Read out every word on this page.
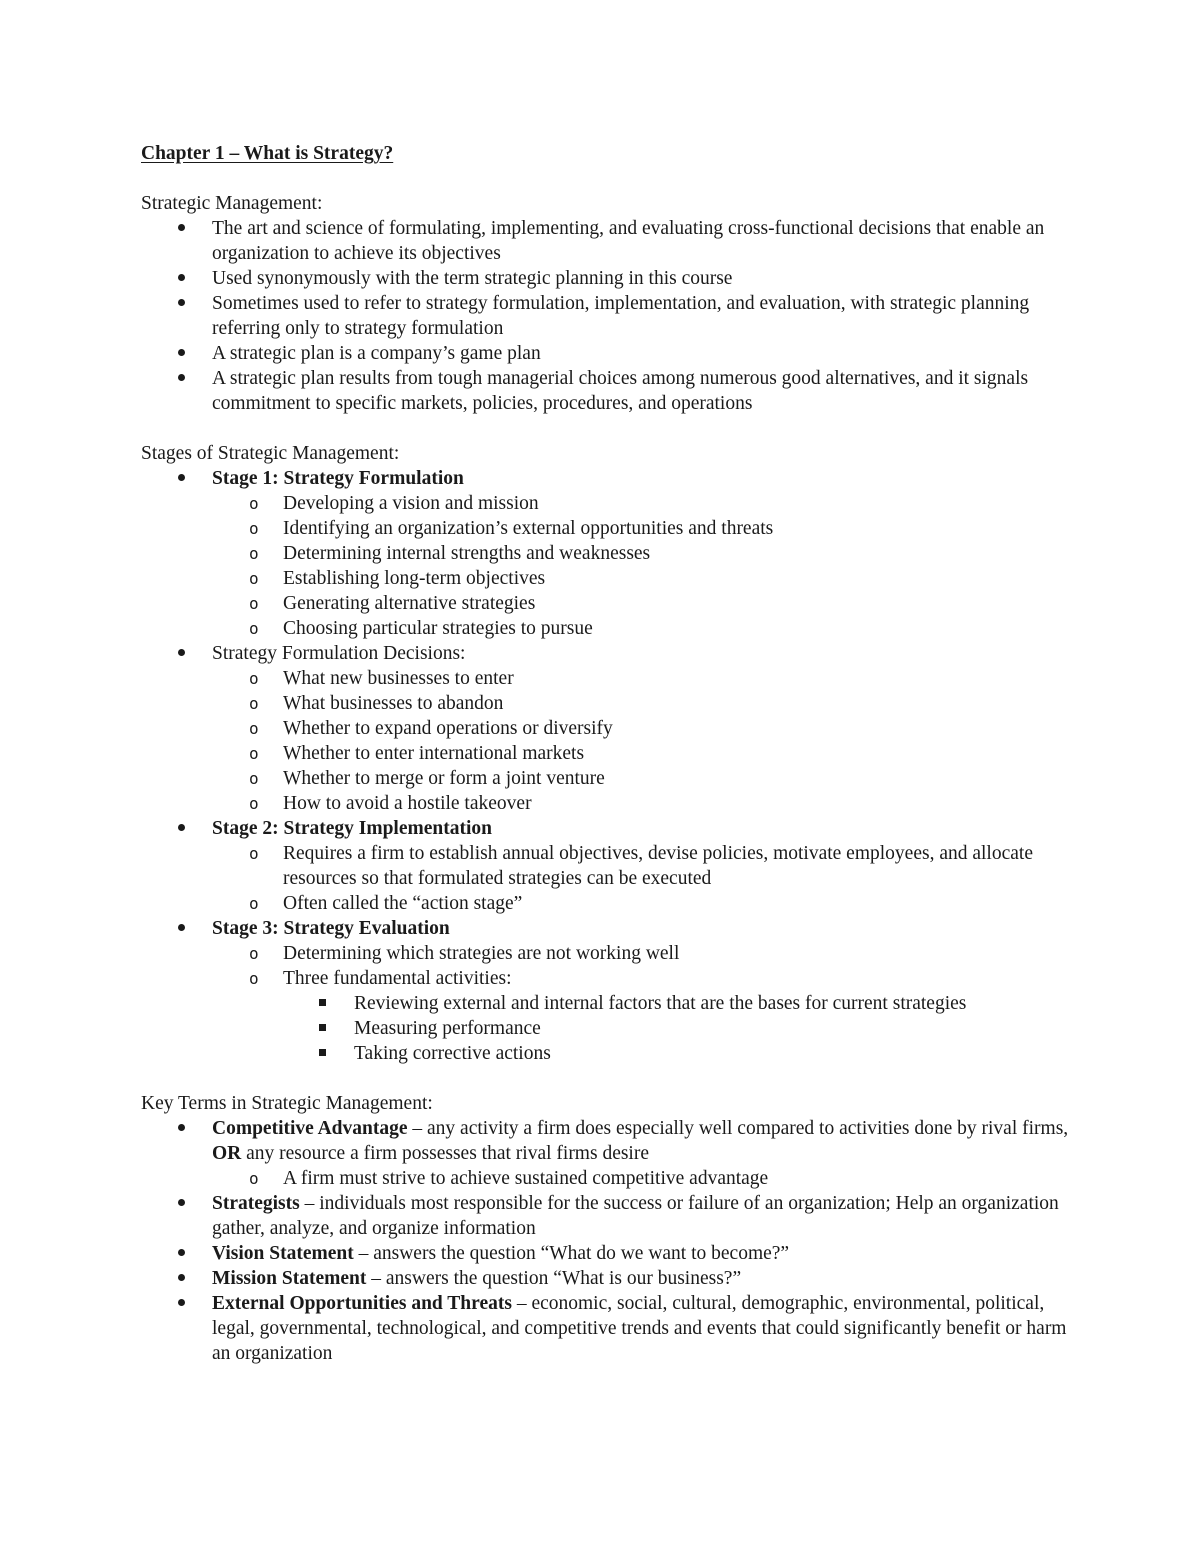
Chapter 1 – What is Strategy?
Strategic Management:
The art and science of formulating, implementing, and evaluating cross-functional decisions that enable an organization to achieve its objectives
Used synonymously with the term strategic planning in this course
Sometimes used to refer to strategy formulation, implementation, and evaluation, with strategic planning referring only to strategy formulation
A strategic plan is a company’s game plan
A strategic plan results from tough managerial choices among numerous good alternatives, and it signals commitment to specific markets, policies, procedures, and operations
Stages of Strategic Management:
Stage 1: Strategy Formulation
o Developing a vision and mission
o Identifying an organization’s external opportunities and threats
o Determining internal strengths and weaknesses
o Establishing long-term objectives
o Generating alternative strategies
o Choosing particular strategies to pursue
Strategy Formulation Decisions:
o What new businesses to enter
o What businesses to abandon
o Whether to expand operations or diversify
o Whether to enter international markets
o Whether to merge or form a joint venture
o How to avoid a hostile takeover
Stage 2: Strategy Implementation
o Requires a firm to establish annual objectives, devise policies, motivate employees, and allocate resources so that formulated strategies can be executed
o Often called the “action stage”
Stage 3: Strategy Evaluation
o Determining which strategies are not working well
o Three fundamental activities:
Reviewing external and internal factors that are the bases for current strategies
Measuring performance
Taking corrective actions
Key Terms in Strategic Management:
Competitive Advantage – any activity a firm does especially well compared to activities done by rival firms, OR any resource a firm possesses that rival firms desire
o A firm must strive to achieve sustained competitive advantage
Strategists – individuals most responsible for the success or failure of an organization; Help an organization gather, analyze, and organize information
Vision Statement – answers the question “What do we want to become?”
Mission Statement – answers the question “What is our business?”
External Opportunities and Threats – economic, social, cultural, demographic, environmental, political, legal, governmental, technological, and competitive trends and events that could significantly benefit or harm an organization
